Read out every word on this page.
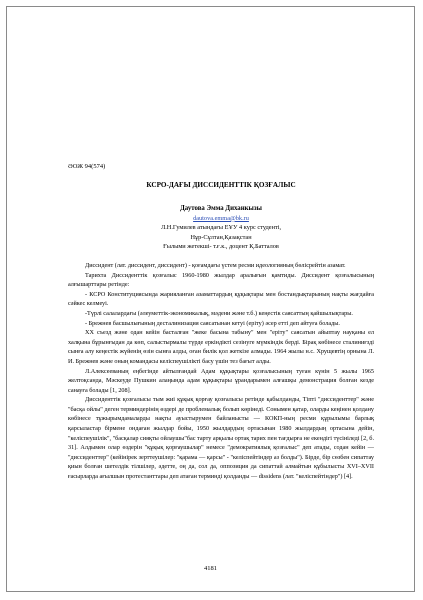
ӘОЖ 94(574)
КСРО-ДАҒЫ ДИССИДЕНТТІК ҚОЗҒАЛЫС
Даутова Эмма Диханкызы
dautova.emma@bk.ru
Л.Н.Гумилев атындағы ЕҰУ 4 курс студенті,
Нұр-Сұлтан,Қазақстан
Ғылыми жетекші- т.ғ.к., доцент Қ.Батталов

Диссидент (лат. диссидент, диссидент) - қоғамдағы үстем ресми идеологияның бөлісрейтін азамат.

Тарихта Диссиденттік қозғалыс 1960-1980 жылдар аралығын қамтиды. Диссидент қозғалысының алғышарттары ретінде:

- КСРО Конституциясында жарияланған азаматтардың құқықтары мен бостандықтарының нақты жағдайға сәйкес келмеуі.

-Түрлі салалардағы (әлеуметтік-экономикалық, мәдени және т.б.) кеңестік саясаттың қайшылықтары.

- Брежнев басшылығының десталинизация саясатынан кетуі (еріту) әсер етті деп айтуға болады.

XX съезд және одан кейін басталған "жеке басына табыну" мен "еріту" саясатын айыптау науқаны ел халқына бұрынғыдан да көп, салыстырмалы түрде еркіндікті сезінуге мүмкіндік берді. Бірақ көбінесе сталиниғзді сынға алу кеңестік жүйенің өзін сынға алды, оған билік қол жеткізе алмады. 1964 жылы н.с. Хрущевтің орнына Л. И. Брежнев және оның командасы келіспеушілікті басу үшін тез бағыт алды.

Л.Алексееваның еңбегінде айтылғандай Адам құқықтары қозғалысының туған күнін 5 жылы 1965 желтоқсанда, Мәскеуде Пушкин алаңында адам құқықтары ұрандарымен алғашқы демонстрация болған кезде санауға болады [1, 208].

Диссиденттік қозғалысы тым жиі құқық қорғау қозғалысы ретінде қабылданды, Тіпті "диссиденттер" және "басқа ойлы" деген терминдерінің өздері де проблемалық болып көрінеді. Сонымен қатар, оларды кеңінен қолдану көбінесе тұжырымдамаларды нақты ауыстырумен байланысты — КОКП-ның ресми құрылымы барлық қарсыластар бірмене ондаған жылдар бойы, 1950 жылдардың ортасынан 1980 жылдардың ортасына дейін, "келіспеушілік", "басқалар сияқты ойлаушы"бас тарту арқылы ортақ тарих пен тағдырға не екендігі түсініледі [2, б. 31]. Алдымен олар өздерін "құқық қорғаушылар" немесе "демократиялық қозғалыс" деп атады, содан кейін — "диссиденттер" (кейінірек зерттеушілер: "қарама — қарсы" - "келіспейтіндер аз болды"). Бірде, бір сөзбен сипаттау қиын болған шетелдік тілшілер, әдетте, оң да, сол да, оппозиция да сипаттай алмайтын құбылысты XVI–XVII ғасырларда ағылшын протестанттары деп атаған терминді қолданды — dissidens (лат. "келіспейтіндер") [4].

4181
